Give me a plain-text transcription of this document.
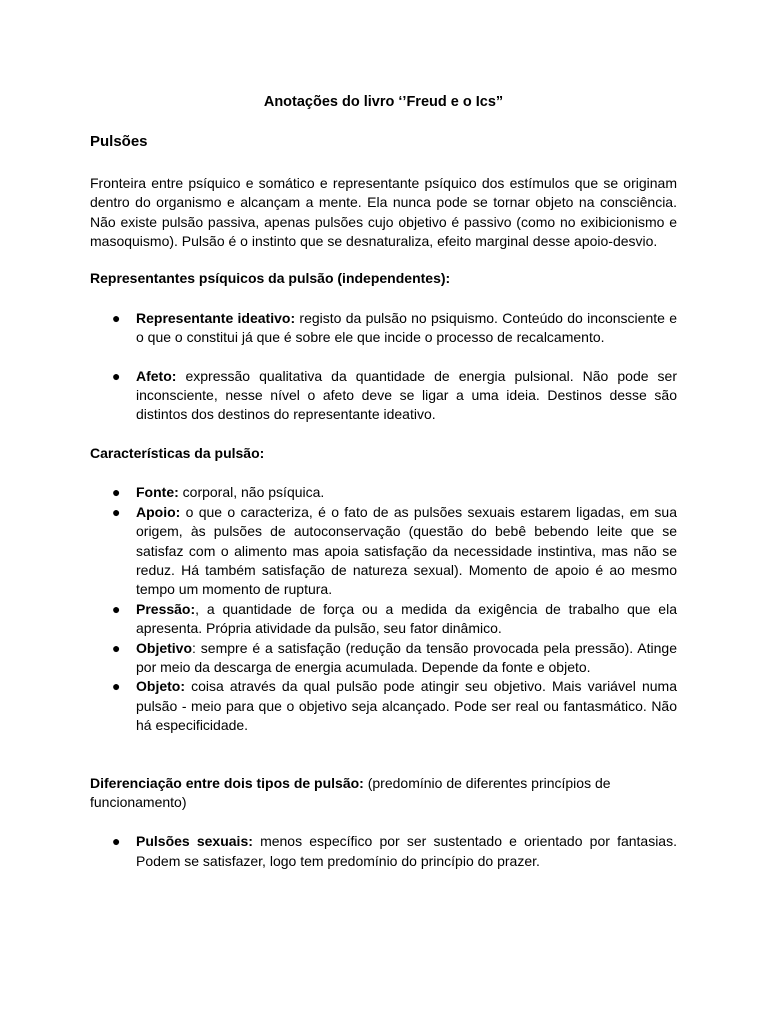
Anotações do livro ‘’Freud e o Ics”
Pulsões

Fronteira entre psíquico e somático e representante psíquico dos estímulos que se originam dentro do organismo e alcançam a mente. Ela nunca pode se tornar objeto na consciência. Não existe pulsão passiva, apenas pulsões cujo objetivo é passivo (como no exibicionismo e masoquismo). Pulsão é o instinto que se desnaturaliza, efeito marginal desse apoio-desvio.

Representantes psíquicos da pulsão (independentes):
● Representante ideativo: registo da pulsão no psiquismo. Conteúdo do inconsciente e o que o constitui já que é sobre ele que incide o processo de recalcamento.
● Afeto: expressão qualitativa da quantidade de energia pulsional. Não pode ser inconsciente, nesse nível o afeto deve se ligar a uma ideia. Destinos desse são distintos dos destinos do representante ideativo.
Características da pulsão:
● Fonte: corporal, não psíquica.
● Apoio: o que o caracteriza, é o fato de as pulsões sexuais estarem ligadas, em sua origem, às pulsões de autoconservação (questão do bebê bebendo leite que se satisfaz com o alimento mas apoia satisfação da necessidade instintiva, mas não se reduz. Há também satisfação de natureza sexual). Momento de apoio é ao mesmo tempo um momento de ruptura.
● Pressão:, a quantidade de força ou a medida da exigência de trabalho que ela apresenta. Própria atividade da pulsão, seu fator dinâmico.
● Objetivo: sempre é a satisfação (redução da tensão provocada pela pressão). Atinge por meio da descarga de energia acumulada. Depende da fonte e objeto.
● Objeto: coisa através da qual pulsão pode atingir seu objetivo. Mais variável numa pulsão - meio para que o objetivo seja alcançado. Pode ser real ou fantasmático. Não há especificidade.

Diferenciação entre dois tipos de pulsão: (predomínio de diferentes princípios de funcionamento)

● Pulsões sexuais: menos específico por ser sustentado e orientado por fantasias. Podem se satisfazer, logo tem predomínio do princípio do prazer.
